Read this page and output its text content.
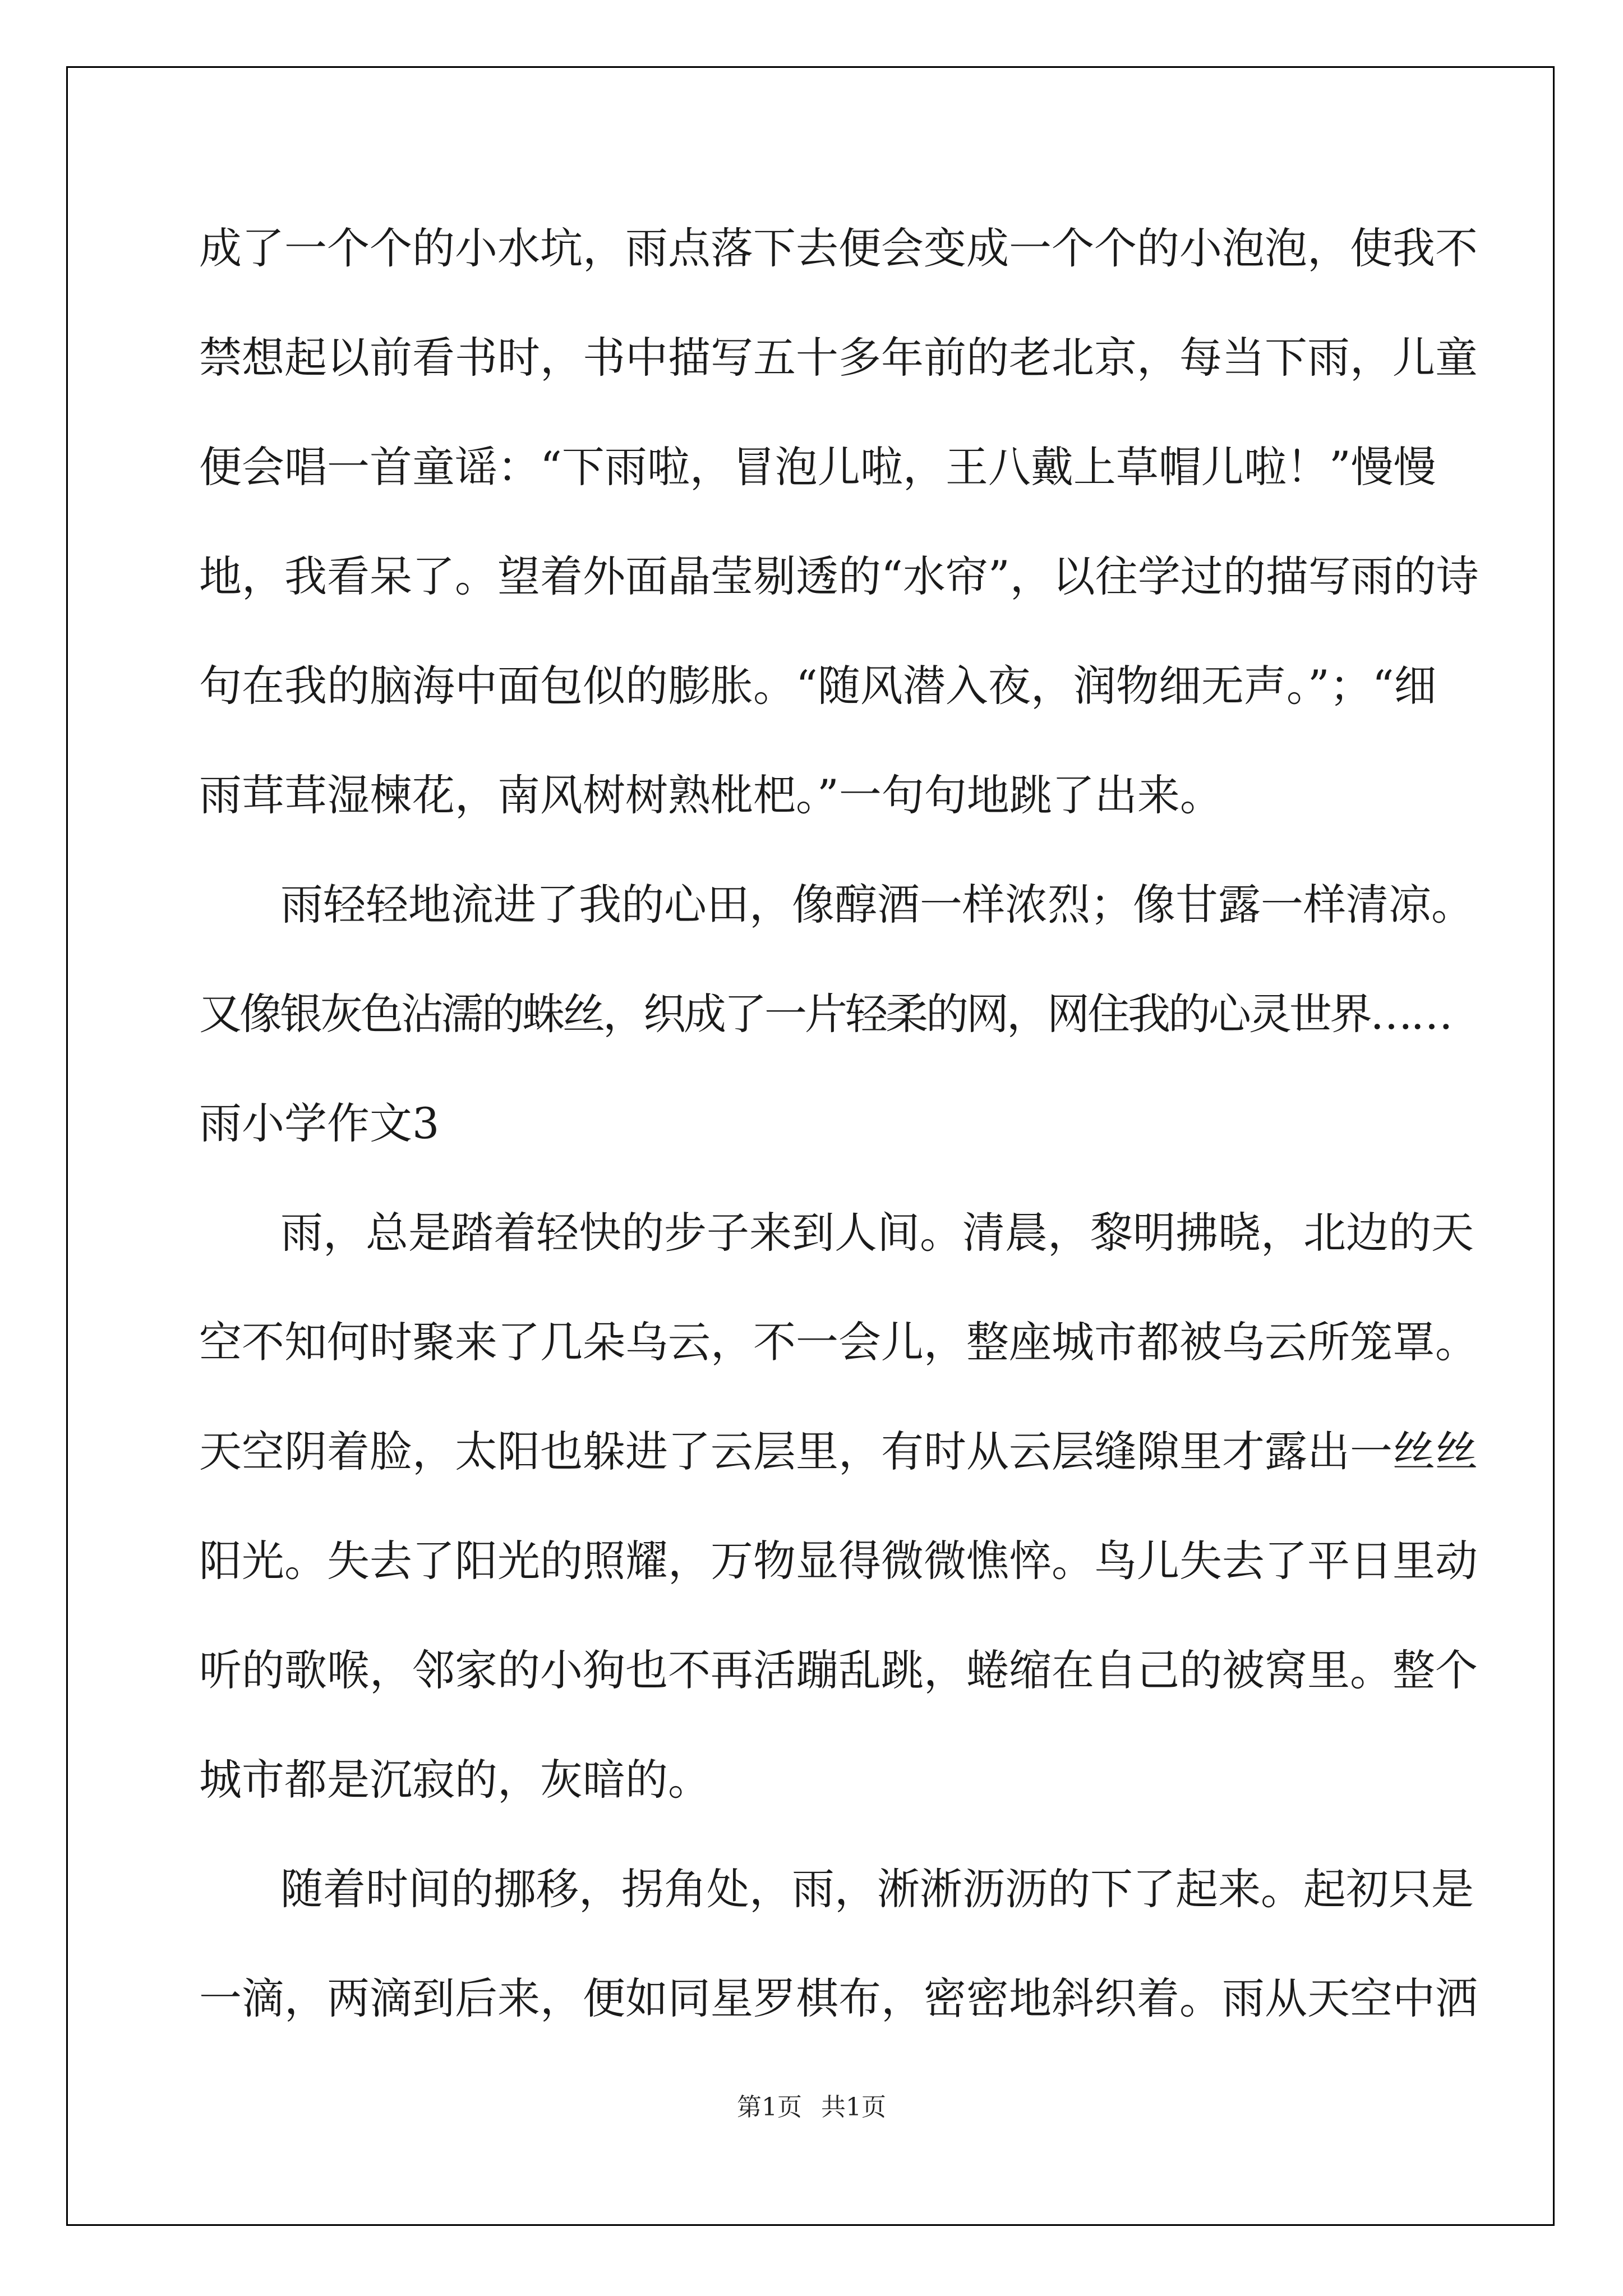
成了一个个的小水坑，雨点落下去便会变成一个个的小泡泡，使我不
禁想起以前看书时，书中描写五十多年前的老北京，每当下雨，儿童
便会唱一首童谣：“下雨啦，冒泡儿啦，王八戴上草帽儿啦！”慢慢
地，我看呆了。望着外面晶莹剔透的“水帘”，以往学过的描写雨的诗
句在我的脑海中面包似的膨胀。“随风潜入夜，润物细无声。”；“细
雨茸茸湿楝花，南风树树熟枇杷。”一句句地跳了出来。
雨轻轻地流进了我的心田，像醇酒一样浓烈；像甘露一样清凉。
又像银灰色沾濡的蛛丝，织成了一片轻柔的网，网住我的心灵世界……
雨小学作文3
雨，总是踏着轻快的步子来到人间。清晨，黎明拂晓，北边的天
空不知何时聚来了几朵乌云，不一会儿，整座城市都被乌云所笼罩。
天空阴着脸，太阳也躲进了云层里，有时从云层缝隙里才露出一丝丝
阳光。失去了阳光的照耀，万物显得微微憔悴。鸟儿失去了平日里动
听的歌喉，邻家的小狗也不再活蹦乱跳，蜷缩在自己的被窝里。整个
城市都是沉寂的，灰暗的。
随着时间的挪移，拐角处，雨，淅淅沥沥的下了起来。起初只是
一滴，两滴到后来，便如同星罗棋布，密密地斜织着。雨从天空中洒
第1页 共1页
